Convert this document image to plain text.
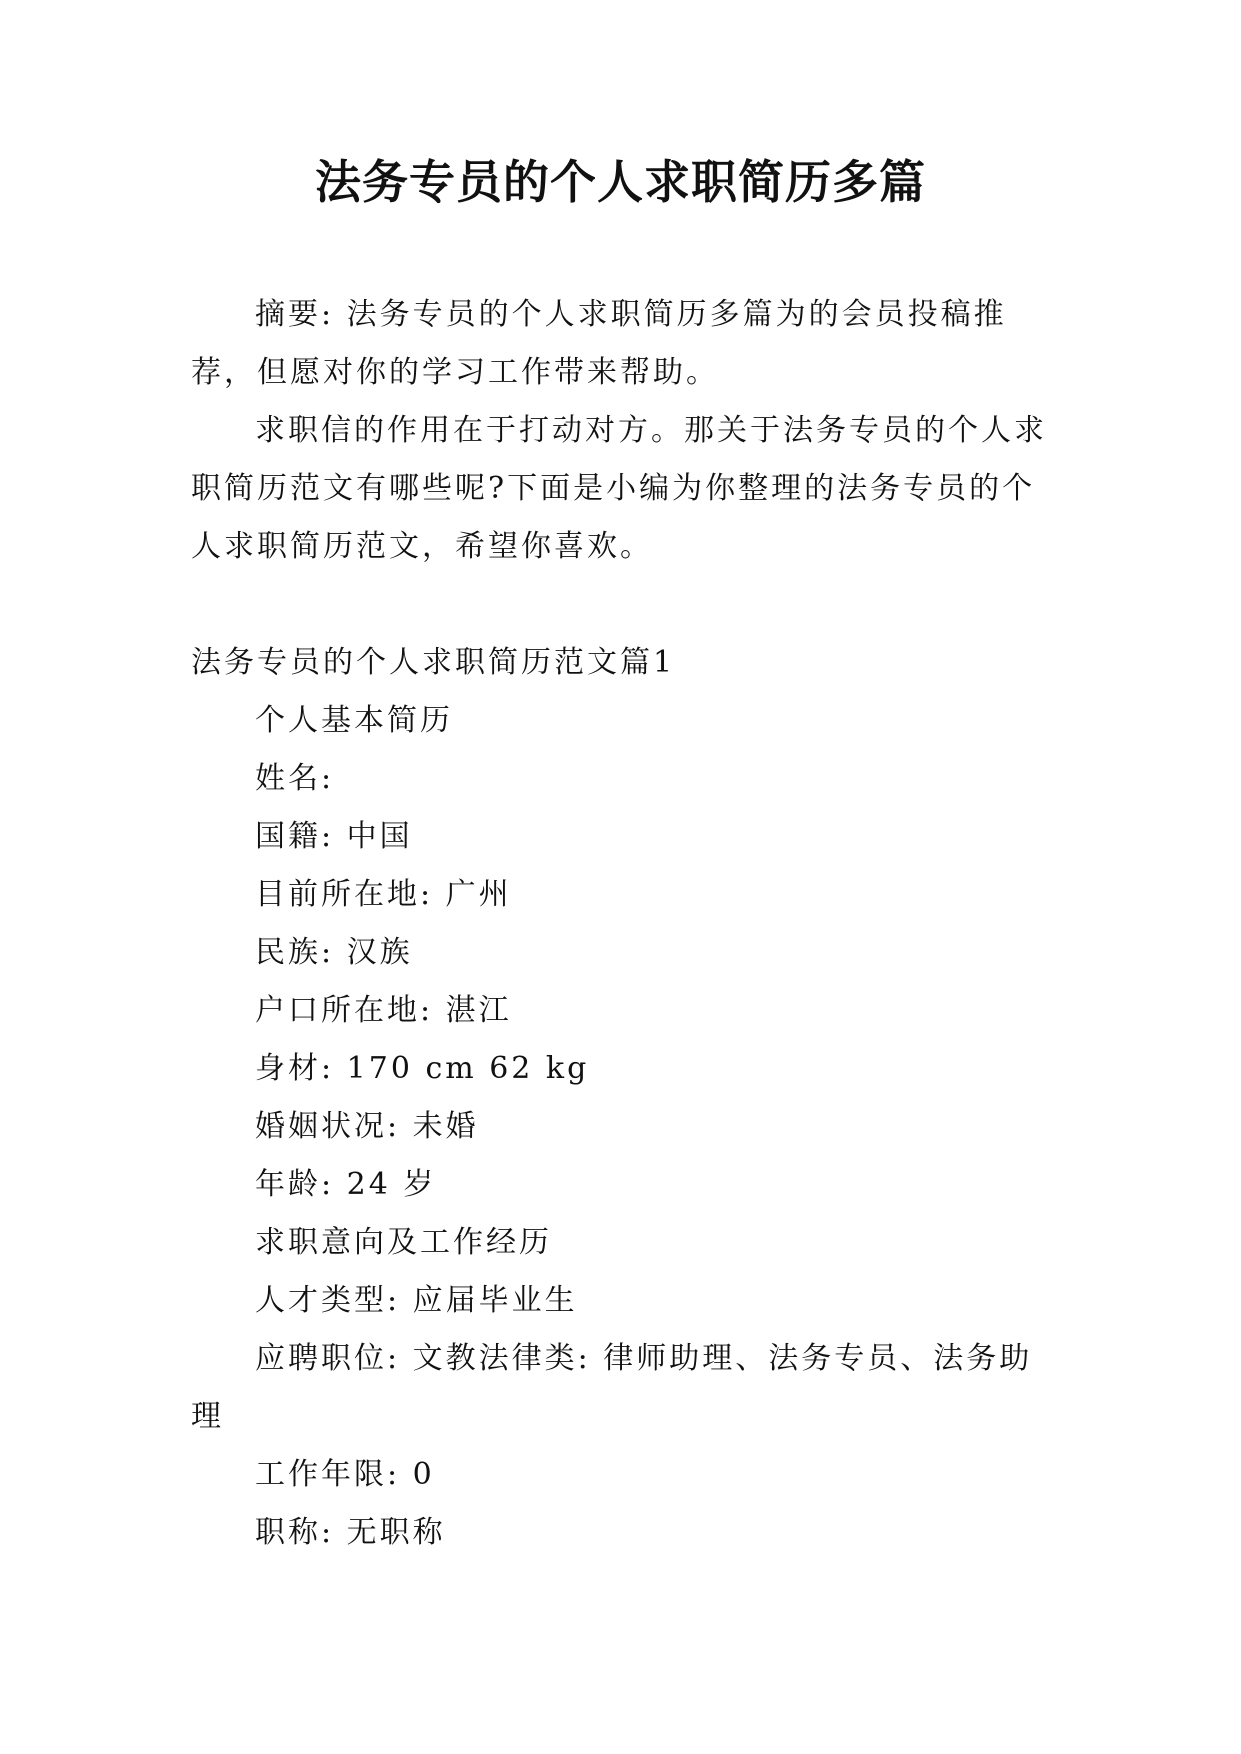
法务专员的个人求职简历多篇

摘要: 法务专员的个人求职简历多篇为的会员投稿推荐，但愿对你的学习工作带来帮助。

求职信的作用在于打动对方。那关于法务专员的个人求职简历范文有哪些呢?下面是小编为你整理的法务专员的个人求职简历范文，希望你喜欢。

法务专员的个人求职简历范文篇1

个人基本简历

姓名:

国籍: 中国

目前所在地: 广州

民族: 汉族

户口所在地: 湛江

身材: 170 cm 62 kg

婚姻状况: 未婚

年龄: 24 岁

求职意向及工作经历

人才类型: 应届毕业生

应聘职位: 文教法律类: 律师助理、法务专员、法务助理

工作年限: 0

职称: 无职称
